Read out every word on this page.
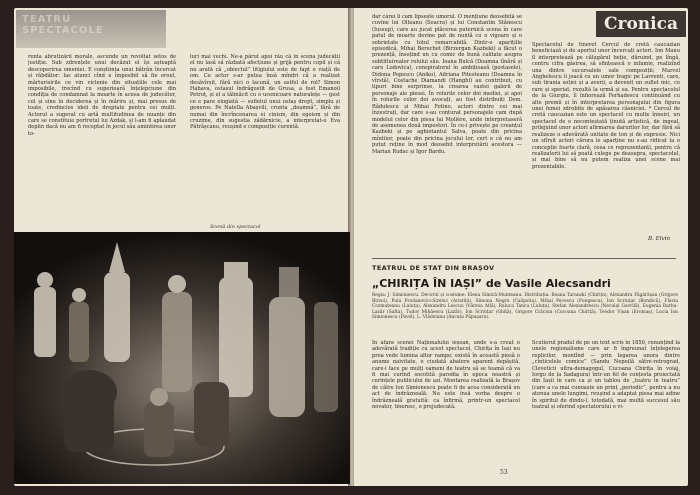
TEATRU
SPECTACOLE
renta abrutizării morale, ascunde un revoltat setos de justiție. Sub zdrențele unui decăzut el își așteaptă descoperirea omeniei. E conștiința unui bătrân încercat și răbdător: las atunci cînd e împosibil să fie eroul, mărturisirile ce vin viclenie din situațiile cele mai imposibile, trecînd cu superioară înțelepciune din condiția de condamnat la moarte în aceea de judecător, cel și sine în deciderea și în mărire și, mai presus de toate, credincios ideii de dreptate pentru cei mulți. Actorul a sugerat cu artă multitudinea de nuanțe din care se constituie portretul lui Azdak, și l-am fi aplaudat deplin dacă nu am fi receptat în jocul său amintirea unor to-
luri mai vechi. Ne-a părut apoi rău că în scena judecății el nu lasă să răzbată afecțiune și grijă pentru copil și că nu arată că „obiectul” litigiului este de fapt o viață de om. Ce actor s-ar putea însă mîndri că a realizat desăvîrșit, fără nici o lacună, un astfel de rol? Simon Hahava, ostașul îndrăgostit de Grusa, a fost Emanoil Petruț, și el a tălmăcit cu o ucenicoare naturalețe — gest ce e pare elogiată — sufletul unui ostaș drept, simplu și generos. Pe Natella Abașvili, crunta „doamnă”, fără de numai din încrîncenarea ei cinism, din egoism și din cruzime, din sugestia zădărnicie, a interpretat-o Eva Pătrășcanu, reușind o compoziție curentă.
Scenă din spectacol
Cronica
dar cărei li cam lipsește umorul. O mențiune deosebită se cuvine lui Olteanu (Soacra) și lui Constantin Stănescu (Iussup), care au jucat plăcerea puternică scena în care patul de moarte devine pat de nuntă cu o vigoare și o sobrietate cu totul remarcabilă. Dintr-o aparițiile episodică, Mihai Berechet (Birzergan Kazbeki) a făcut o prezență, însoțind un cu comic de bună calitate asupra subtitluirealor rolului său. Ioana Bulcă (Doamna tînără și care Lodovica), conspiratorul în ambițioasă (postasele), Didona Popescu (Aniko), Adriana Pitesteanu (Doamna în vîrstă), Costache Diamandi (Hanghi) au contribuit, cu tipuri bine surprinse, la crearea vastei galerii de personaje ale piesei. În rolurile celor doi mediei, și apoi în rolurile celor doi avocați, au fost distribuiți Dem. Rădulescu și Mihai Fotino, actori dintre cei mai înzestrați, dar care s-au conturat personajele cam după modelul celor din piesa lui Molière, unde interpretaseră de asemenea două impostori. În ce-i privește pe creanțul Kazbeki și pe aghiotantul Salva, poate din pricina mîntiior, poate din pricina jocului lor, cert e că nu am putut reține în mod deosebit interpretării acestora — Marian Rudac și Igor Bardu.
Spectacolul de tineret Cercul de cretă caucazian beneficiază și de aportul unor încercați actori. Ion Manu îl interpretează pe călugărul beție, dăruind, pe lîngă, centru cifra găsirea, să sfințească o infamie, realizînd una dintre sucursalele sale compoziții; Marcel Anghelescu îi joacă cu un umor tragic pe Lavrenti, care, sub tirania soției și a averii, a devenit un suflet mic, ce rare și speriat, rezultă la urmă și ea. Pentru spectacolul de la Giurgiu, îl înfiorează Ferhadescu continuând cu alte premii și în interpretarea personajului din figura unei femei zdrobite de apăsarea căsniciei. * Cercul de cretă caucazian este un spectacol cu multe înnoiri, un spectacol de o neconteștată ținută artistică, de ingeal, prilejuind unor actori afirmarea darurilor lor, dar fără să realizeze o adevărată unitate de ton și de expresie. Nici un sfîrșit actori cărora le aparține nu s-au ridicat la o concepție foarte clară, ceea ce reprezentanți, pentru că realizatorii lui să poată culege pe deasupra, spectacolul, și mai bine să nu putem realiza unei scene mai prezentabile.
B. Elvin
TEATRUL DE STAT DIN BRAȘOV
„CHIRIȚA ÎN IAȘI” de Vasile Alecsandri
Regia: J. Simionescu. Decorul și costume: Elena Simică-Munteanu. Distribuția: Ileana Taranski (Chirița), Alexandru Făgărășan (Grigore Birzoi), Puiu Prodanovici-Sireluc (Aristiță), Simona Negru (Calipsita), Mihai Pecescu (Pungescu), Ion Scriuțar (Bondică), Flavia Cozmuțeanu (Luluța), Alexandru Lescuu (Vărzoa Atlă), Raluca Tancu (Luluța), Stefan Alexandrescu (Neculai Gavrilă), Eugenia Barbu-Lazăr (Safta), Tudor Mihăescu (Lazăr), Ion Scriuțar (Ghiță), Grigore Crăciun (Cucoana Chiriță), Teodor Vișan (Eromaș), Lucia Ion Simionescu (Pavel), L. Vlădoianu (Ancuța Păpușaru).
În afara scenei Naționalului ieșean, unde s-a creat o adevărată tradiție cu acest spectacol, Chirița în Iași nu prea vede lumina altor rampe; există în această piesă o anume naivitate, o ciudată abatere aparent depășită, care-i face pe mulți oameni de teatru să se teamă că va fi mai curînd socotită parodia în epoca noastră și cerințele publicului de azi. Montarea realizată la Brașov de către Ion Simionescu poate fi de acea considerată un act de îndrăzneală. Nu este însă vorba despre o îndrăzneală gratuită: ca înfirmă, printr-un spectacol novator, tineresc, o prejudecată.
Scutierul pradul de pe un text scris în 1850, renunțînd la unele regionalisme care ar fi îngreunat înțelegerea replicilor, montînd — prin legarea unora dintre „cînticelele comice” (Sandu Nepoilă sătre-retrograd, Cleveticii ultra-demagogul, Cucoana Chirița în voiaj, Iorgu de la Sadagura) într-un fel de conțesta proiectată din Iașii în care ca și un tablou de „teatru în teatru” (care a ca mai cunoaște un prinț „periodic”, pentru a nu atenua unele lungimi, reușind a adaptat piesa mai adine în spiritul de dindu-l, totodată, mai multă succesul său teatral și oferind spectatorului o vi-
53
